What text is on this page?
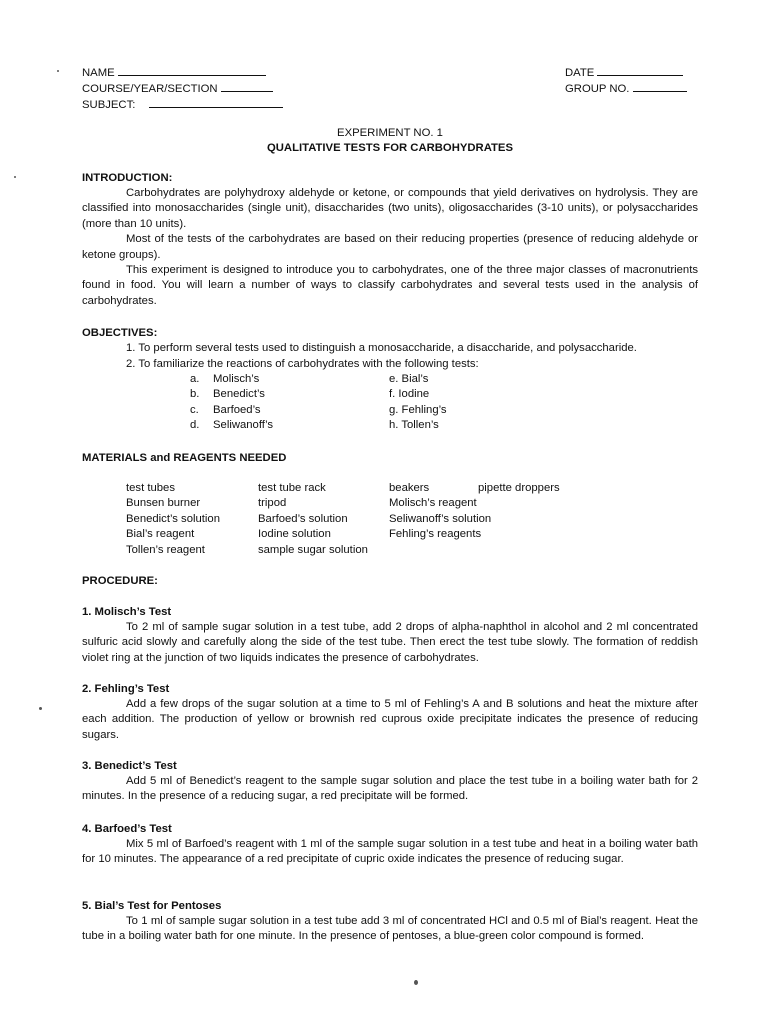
NAME
COURSE/YEAR/SECTION
SUBJECT:
DATE
GROUP NO.
EXPERIMENT NO. 1
QUALITATIVE TESTS FOR CARBOHYDRATES
INTRODUCTION:

Carbohydrates are polyhydroxy aldehyde or ketone, or compounds that yield derivatives on hydrolysis. They are classified into monosaccharides (single unit), disaccharides (two units), oligosaccharides (3-10 units), or polysaccharides (more than 10 units).

Most of the tests of the carbohydrates are based on their reducing properties (presence of reducing aldehyde or ketone groups).

This experiment is designed to introduce you to carbohydrates, one of the three major classes of macronutrients found in food. You will learn a number of ways to classify carbohydrates and several tests used in the analysis of carbohydrates.

OBJECTIVES:
1. To perform several tests used to distinguish a monosaccharide, a disaccharide, and polysaccharide.
2. To familiarize the reactions of carbohydrates with the following tests:
a. Molisch’s
b. Benedict’s
c. Barfoed’s
d. Seliwanoff’s
e. Bial’s
f. Iodine
g. Fehling’s
h. Tollen’s
MATERIALS and REAGENTS NEEDED
test tubes
Bunsen burner
Benedict’s solution
Bial’s reagent
Tollen’s reagent
test tube rack
tripod
Barfoed’s solution
Iodine solution
sample sugar solution
beakers
Molisch’s reagent
Seliwanoff’s solution
Fehling’s reagents
pipette droppers
PROCEDURE:
1. Molisch’s Test

To 2 ml of sample sugar solution in a test tube, add 2 drops of alpha-naphthol in alcohol and 2 ml concentrated sulfuric acid slowly and carefully along the side of the test tube. Then erect the test tube slowly. The formation of reddish violet ring at the junction of two liquids indicates the presence of carbohydrates.

2. Fehling’s Test

Add a few drops of the sugar solution at a time to 5 ml of Fehling’s A and B solutions and heat the mixture after each addition. The production of yellow or brownish red cuprous oxide precipitate indicates the presence of reducing sugars.

3. Benedict’s Test

Add 5 ml of Benedict’s reagent to the sample sugar solution and place the test tube in a boiling water bath for 2 minutes. In the presence of a reducing sugar, a red precipitate will be formed.

4. Barfoed’s Test

Mix 5 ml of Barfoed’s reagent with 1 ml of the sample sugar solution in a test tube and heat in a boiling water bath for 10 minutes. The appearance of a red precipitate of cupric oxide indicates the presence of reducing sugar.

5. Bial’s Test for Pentoses

To 1 ml of sample sugar solution in a test tube add 3 ml of concentrated HCl and 0.5 ml of Bial’s reagent. Heat the tube in a boiling water bath for one minute. In the presence of pentoses, a blue-green color compound is formed.
